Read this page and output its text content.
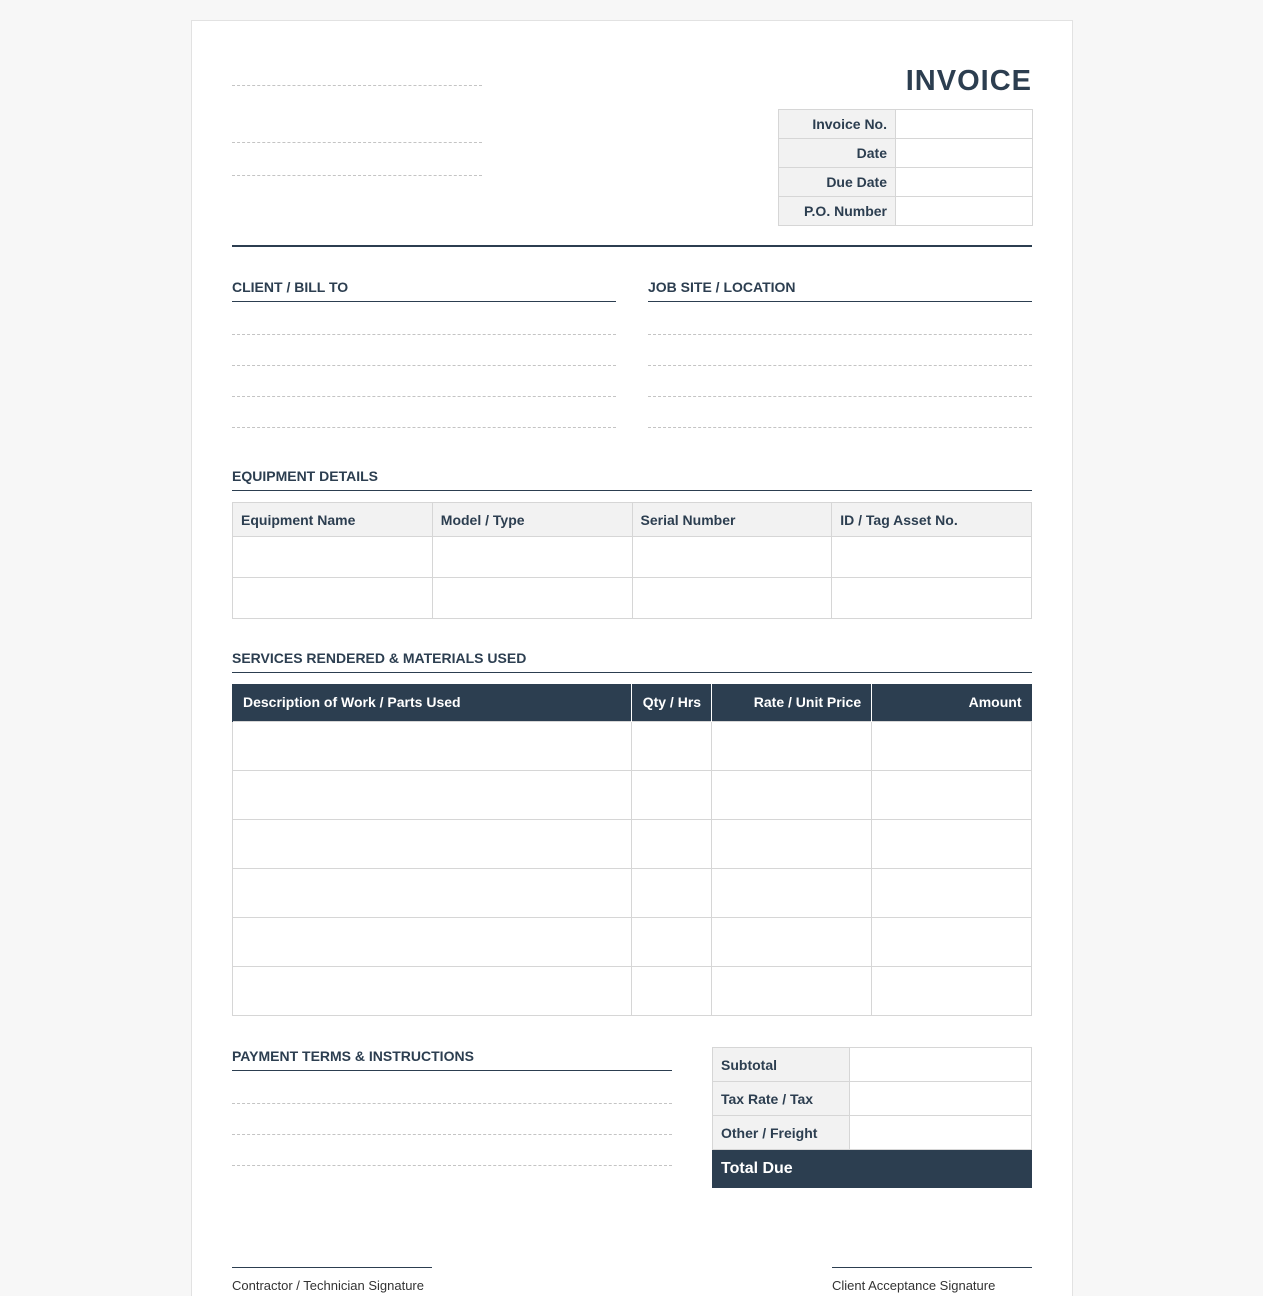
INVOICE
Invoice No.	
Date	
Due Date	
P.O. Number	
CLIENT / BILL TO	JOB SITE / LOCATION
EQUIPMENT DETAILS
Equipment Name	Model / Type	Serial Number	ID / Tag Asset No.

SERVICES RENDERED & MATERIALS USED
Description of Work / Parts Used	Qty / Hrs	Rate / Unit Price	Amount

PAYMENT TERMS & INSTRUCTIONS
Subtotal	
Tax Rate / Tax	
Other / Freight	
Total Due
Contractor / Technician Signature	Client Acceptance Signature
